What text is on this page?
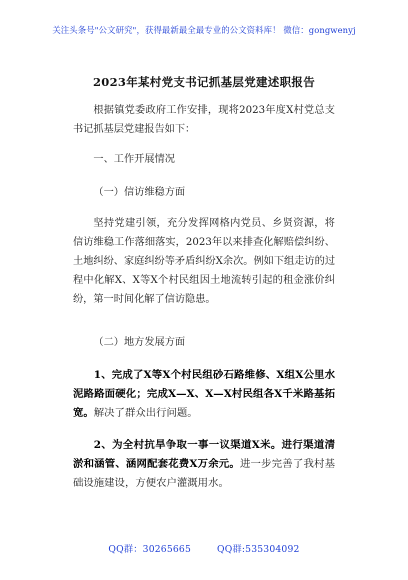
关注头条号"公文研究"，获得最新最全最专业的公文资料库！ 微信：gongwenyj
2023年某村党支书记抓基层党建述职报告
根据镇党委政府工作安排，现将2023年度X村党总支书记抓基层党建报告如下：
一、工作开展情况
（一）信访维稳方面
坚持党建引领，充分发挥网格内党员、乡贤资源，将信访维稳工作落细落实，2023年以来排查化解赔偿纠纷、土地纠纷、家庭纠纷等矛盾纠纷X余次。例如下组走访的过程中化解X、X等X个村民组因土地流转引起的租金涨价纠纷，第一时间化解了信访隐患。
（二）地方发展方面
1、完成了X等X个村民组砂石路维修、X组X公里水泥路路面硬化；完成X—X、X—X村民组各X千米路基拓宽。解决了群众出行问题。
2、为全村抗旱争取一事一议渠道X米。进行渠道清淤和涵管、涵网配套花费X万余元。进一步完善了我村基础设施建设，方便农户灌溉用水。
QQ群：30265665	QQ群:535304092
